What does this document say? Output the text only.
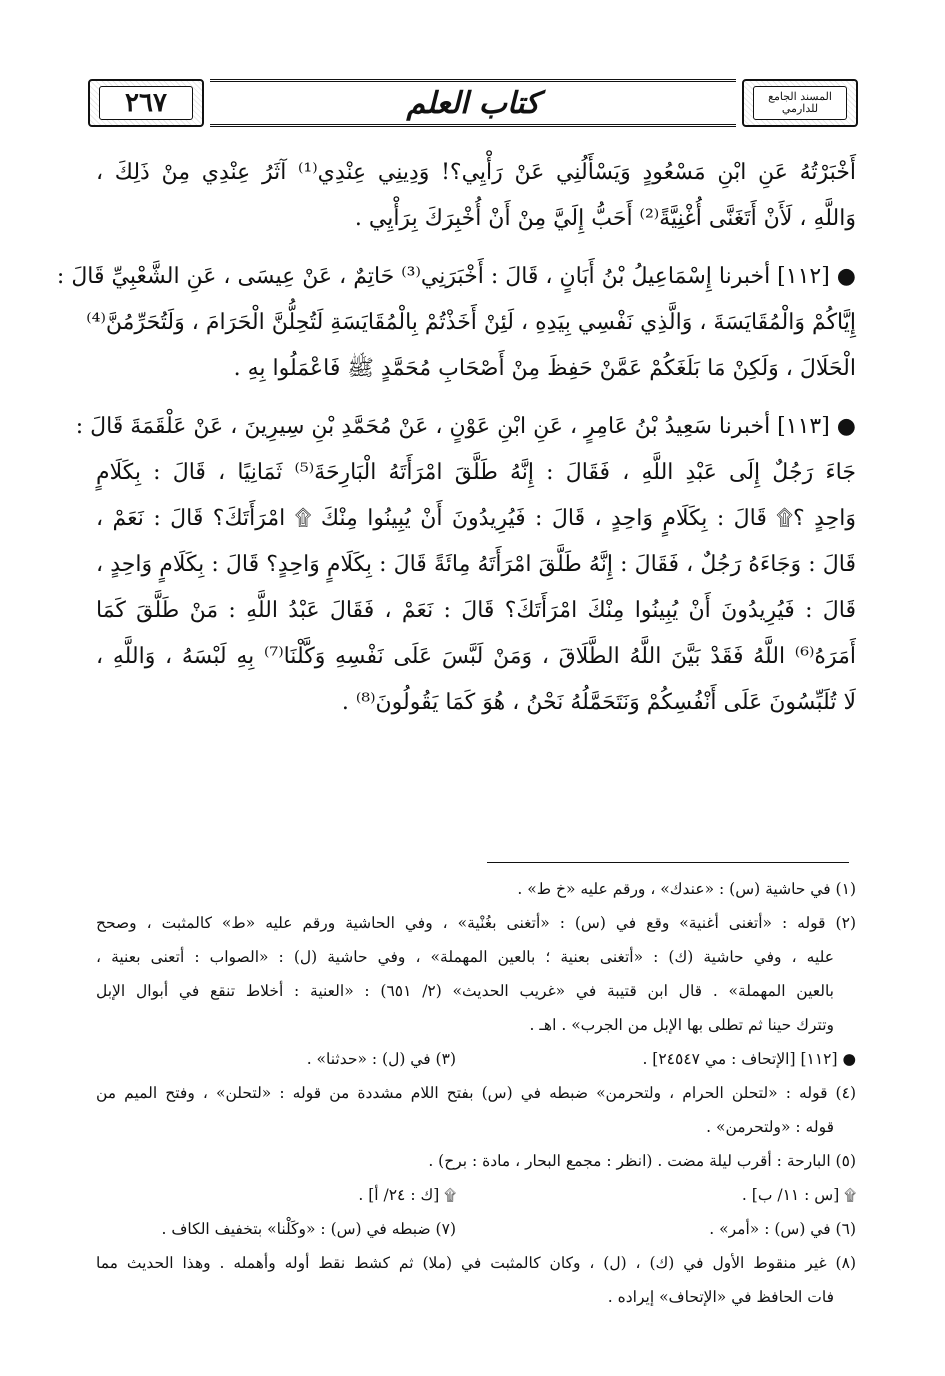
٢٦٧	كتاب العلم	المسند الجامع للدارمي
أَخْبَرْتُهُ عَنِ ابْنِ مَسْعُودٍ وَيَسْأَلُنِي عَنْ رَأْيِي؟! وَدِينِي عِنْدِي⁽¹⁾ آثَرُ عِنْدِي مِنْ ذَلِكَ ،
وَاللَّهِ ، لَأَنْ أَتَغَنَّى أُغْنِيَّةً⁽²⁾ أَحَبُّ إِلَيَّ مِنْ أَنْ أُخْبِرَكَ بِرَأْيِي .
● [١١٢] أخبرنا إِسْمَاعِيلُ بْنُ أَبَانٍ ، قَالَ : أَخْبَرَنِي⁽³⁾ حَاتِمٌ ، عَنْ عِيسَى ، عَنِ الشَّعْبِيِّ قَالَ :
إِيَّاكُمْ وَالْمُقَايَسَةَ ، وَالَّذِي نَفْسِي بِيَدِهِ ، لَئِنْ أَخَذْتُمْ بِالْمُقَايَسَةِ لَتُحِلُّنَّ الْحَرَامَ ، وَلَتُحَرِّمُنَّ⁽⁴⁾
الْحَلَالَ ، وَلَكِنْ مَا بَلَغَكُمْ عَمَّنْ حَفِظَ مِنْ أَصْحَابِ مُحَمَّدٍ ﷺ فَاعْمَلُوا بِهِ .
● [١١٣] أخبرنا سَعِيدُ بْنُ عَامِرٍ ، عَنِ ابْنِ عَوْنٍ ، عَنْ مُحَمَّدِ بْنِ سِيرِينَ ، عَنْ عَلْقَمَةَ قَالَ :
جَاءَ رَجُلٌ إِلَى عَبْدِ اللَّهِ ، فَقَالَ : إِنَّهُ طَلَّقَ امْرَأَتَهُ الْبَارِحَةَ⁽⁵⁾ ثَمَانِيًا ، قَالَ : بِكَلَامٍ
وَاحِدٍ ؟۩ قَالَ : بِكَلَامٍ وَاحِدٍ ، قَالَ : فَيُرِيدُونَ أَنْ يُبِينُوا مِنْكَ ۩ امْرَأَتَكَ؟ قَالَ : نَعَمْ ،
قَالَ : وَجَاءَهُ رَجُلٌ ، فَقَالَ : إِنَّهُ طَلَّقَ امْرَأَتَهُ مِائَةً قَالَ : بِكَلَامٍ وَاحِدٍ؟ قَالَ : بِكَلَامٍ وَاحِدٍ ،
قَالَ : فَيُرِيدُونَ أَنْ يُبِينُوا مِنْكَ امْرَأَتَكَ؟ قَالَ : نَعَمْ ، فَقَالَ عَبْدُ اللَّهِ : مَنْ طَلَّقَ كَمَا
أَمَرَهُ⁽⁶⁾ اللَّهُ فَقَدْ بَيَّنَ اللَّهُ الطَّلَاقَ ، وَمَنْ لَبَّسَ عَلَى نَفْسِهِ وَكَّلْنَا⁽⁷⁾ بِهِ لَبْسَهُ ، وَاللَّهِ ،
لَا تُلَبِّسُونَ عَلَى أَنْفُسِكُمْ وَنَتَحَمَّلُهُ نَحْنُ ، هُوَ كَمَا يَقُولُونَ⁽⁸⁾ .
(١) في حاشية (س) : «عندك» ، ورقم عليه «خ ط» .
(٢) قوله : «أتغنى أغنية» وقع في (س) : «أتغنى بغُنْية» ، وفي الحاشية ورقم عليه «ط» كالمثبت ، وصحح
عليه ، وفي حاشية (ك) : «أتغنى بعنية ؛ بالعين المهملة» ، وفي حاشية (ل) : «الصواب : أتعنى بعنية ،
بالعين المهملة» . قال ابن قتيبة في «غريب الحديث» (٢/ ٦٥١) : «العنية : أخلاط تنقع في أبوال الإبل
وتترك حينا ثم تطلى بها الإبل من الجرب» . اهـ .
● [١١٢] [الإتحاف : مي ٢٤٥٤٧] .
(٣) في (ل) : «حدثنا» .
(٤) قوله : «لتحلن الحرام ، ولتحرمن» ضبطه في (س) بفتح اللام مشددة من قوله : «لتحلن» ، وفتح الميم من
قوله : «ولتحرمن» .
(٥) البارحة : أقرب ليلة مضت . (انظر : مجمع البحار ، مادة : برح) .
۩ [س : ١١/ ب] .
۩ [ك : ٢٤/ أ] .
(٦) في (س) : «أمر» .
(٧) ضبطه في (س) : «وكَلْنا» بتخفيف الكاف .
(٨) غير منقوط الأول في (ك) ، (ل) ، وكان كالمثبت في (ملا) ثم كشط نقط أوله وأهمله . وهذا الحديث مما
فات الحافظ في «الإتحاف» إيراده .
